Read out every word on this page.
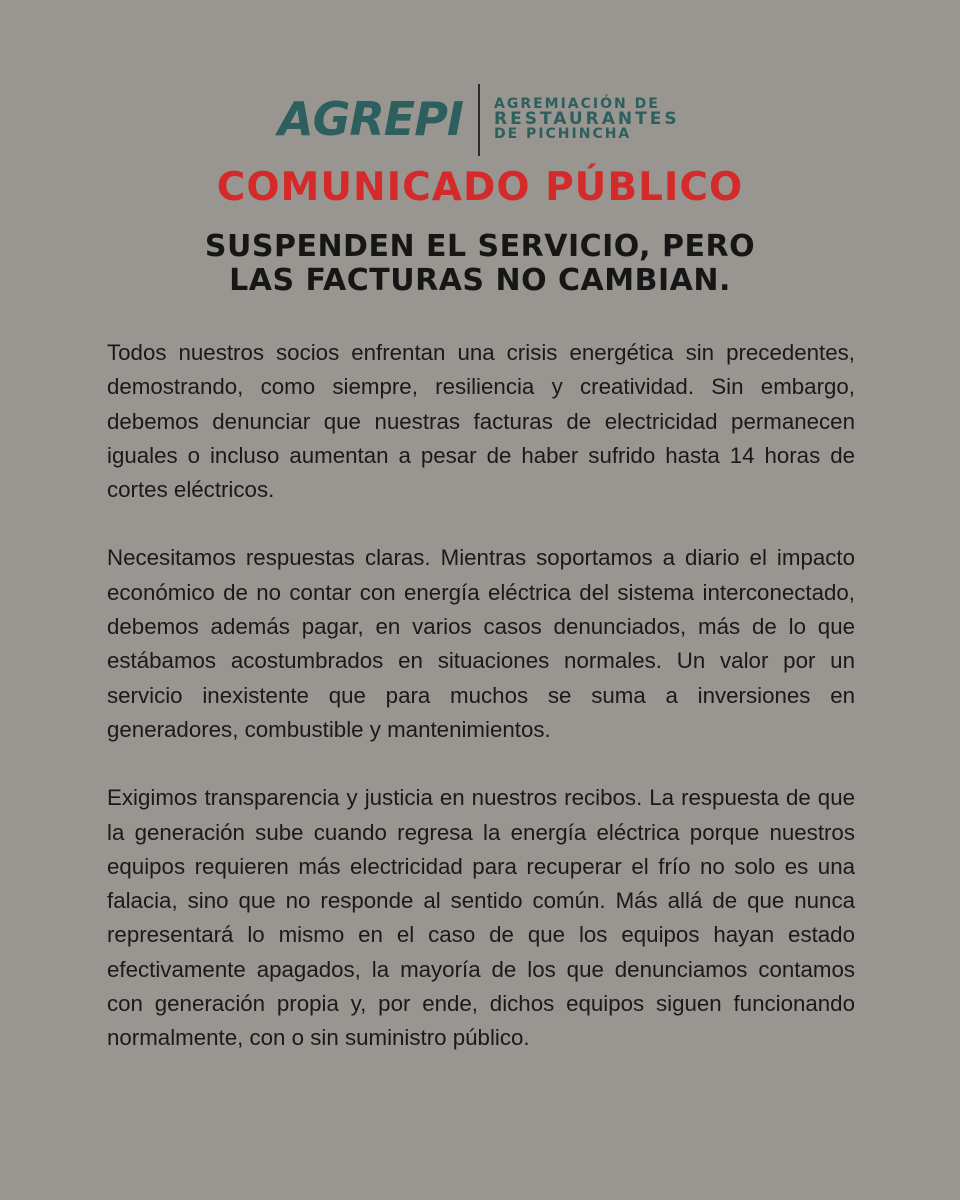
AGREPI AGREMIACIÓN DE
RESTAURANTES
DE PICHINCHA
COMUNICADO PÚBLICO
SUSPENDEN EL SERVICIO, PERO
LAS FACTURAS NO CAMBIAN.

Todos nuestros socios enfrentan una crisis energética sin precedentes, demostrando, como siempre, resiliencia y creatividad. Sin embargo, debemos denunciar que nuestras facturas de electricidad permanecen iguales o incluso aumentan a pesar de haber sufrido hasta 14 horas de cortes eléctricos.

Necesitamos respuestas claras. Mientras soportamos a diario el impacto económico de no contar con energía eléctrica del sistema interconectado, debemos además pagar, en varios casos denunciados, más de lo que estábamos acostumbrados en situaciones normales. Un valor por un servicio inexistente que para muchos se suma a inversiones en generadores, combustible y mantenimientos.

Exigimos transparencia y justicia en nuestros recibos. La respuesta de que la generación sube cuando regresa la energía eléctrica porque nuestros equipos requieren más electricidad para recuperar el frío no solo es una falacia, sino que no responde al sentido común. Más allá de que nunca representará lo mismo en el caso de que los equipos hayan estado efectivamente apagados, la mayoría de los que denunciamos contamos con generación propia y, por ende, dichos equipos siguen funcionando normalmente, con o sin suministro público.
